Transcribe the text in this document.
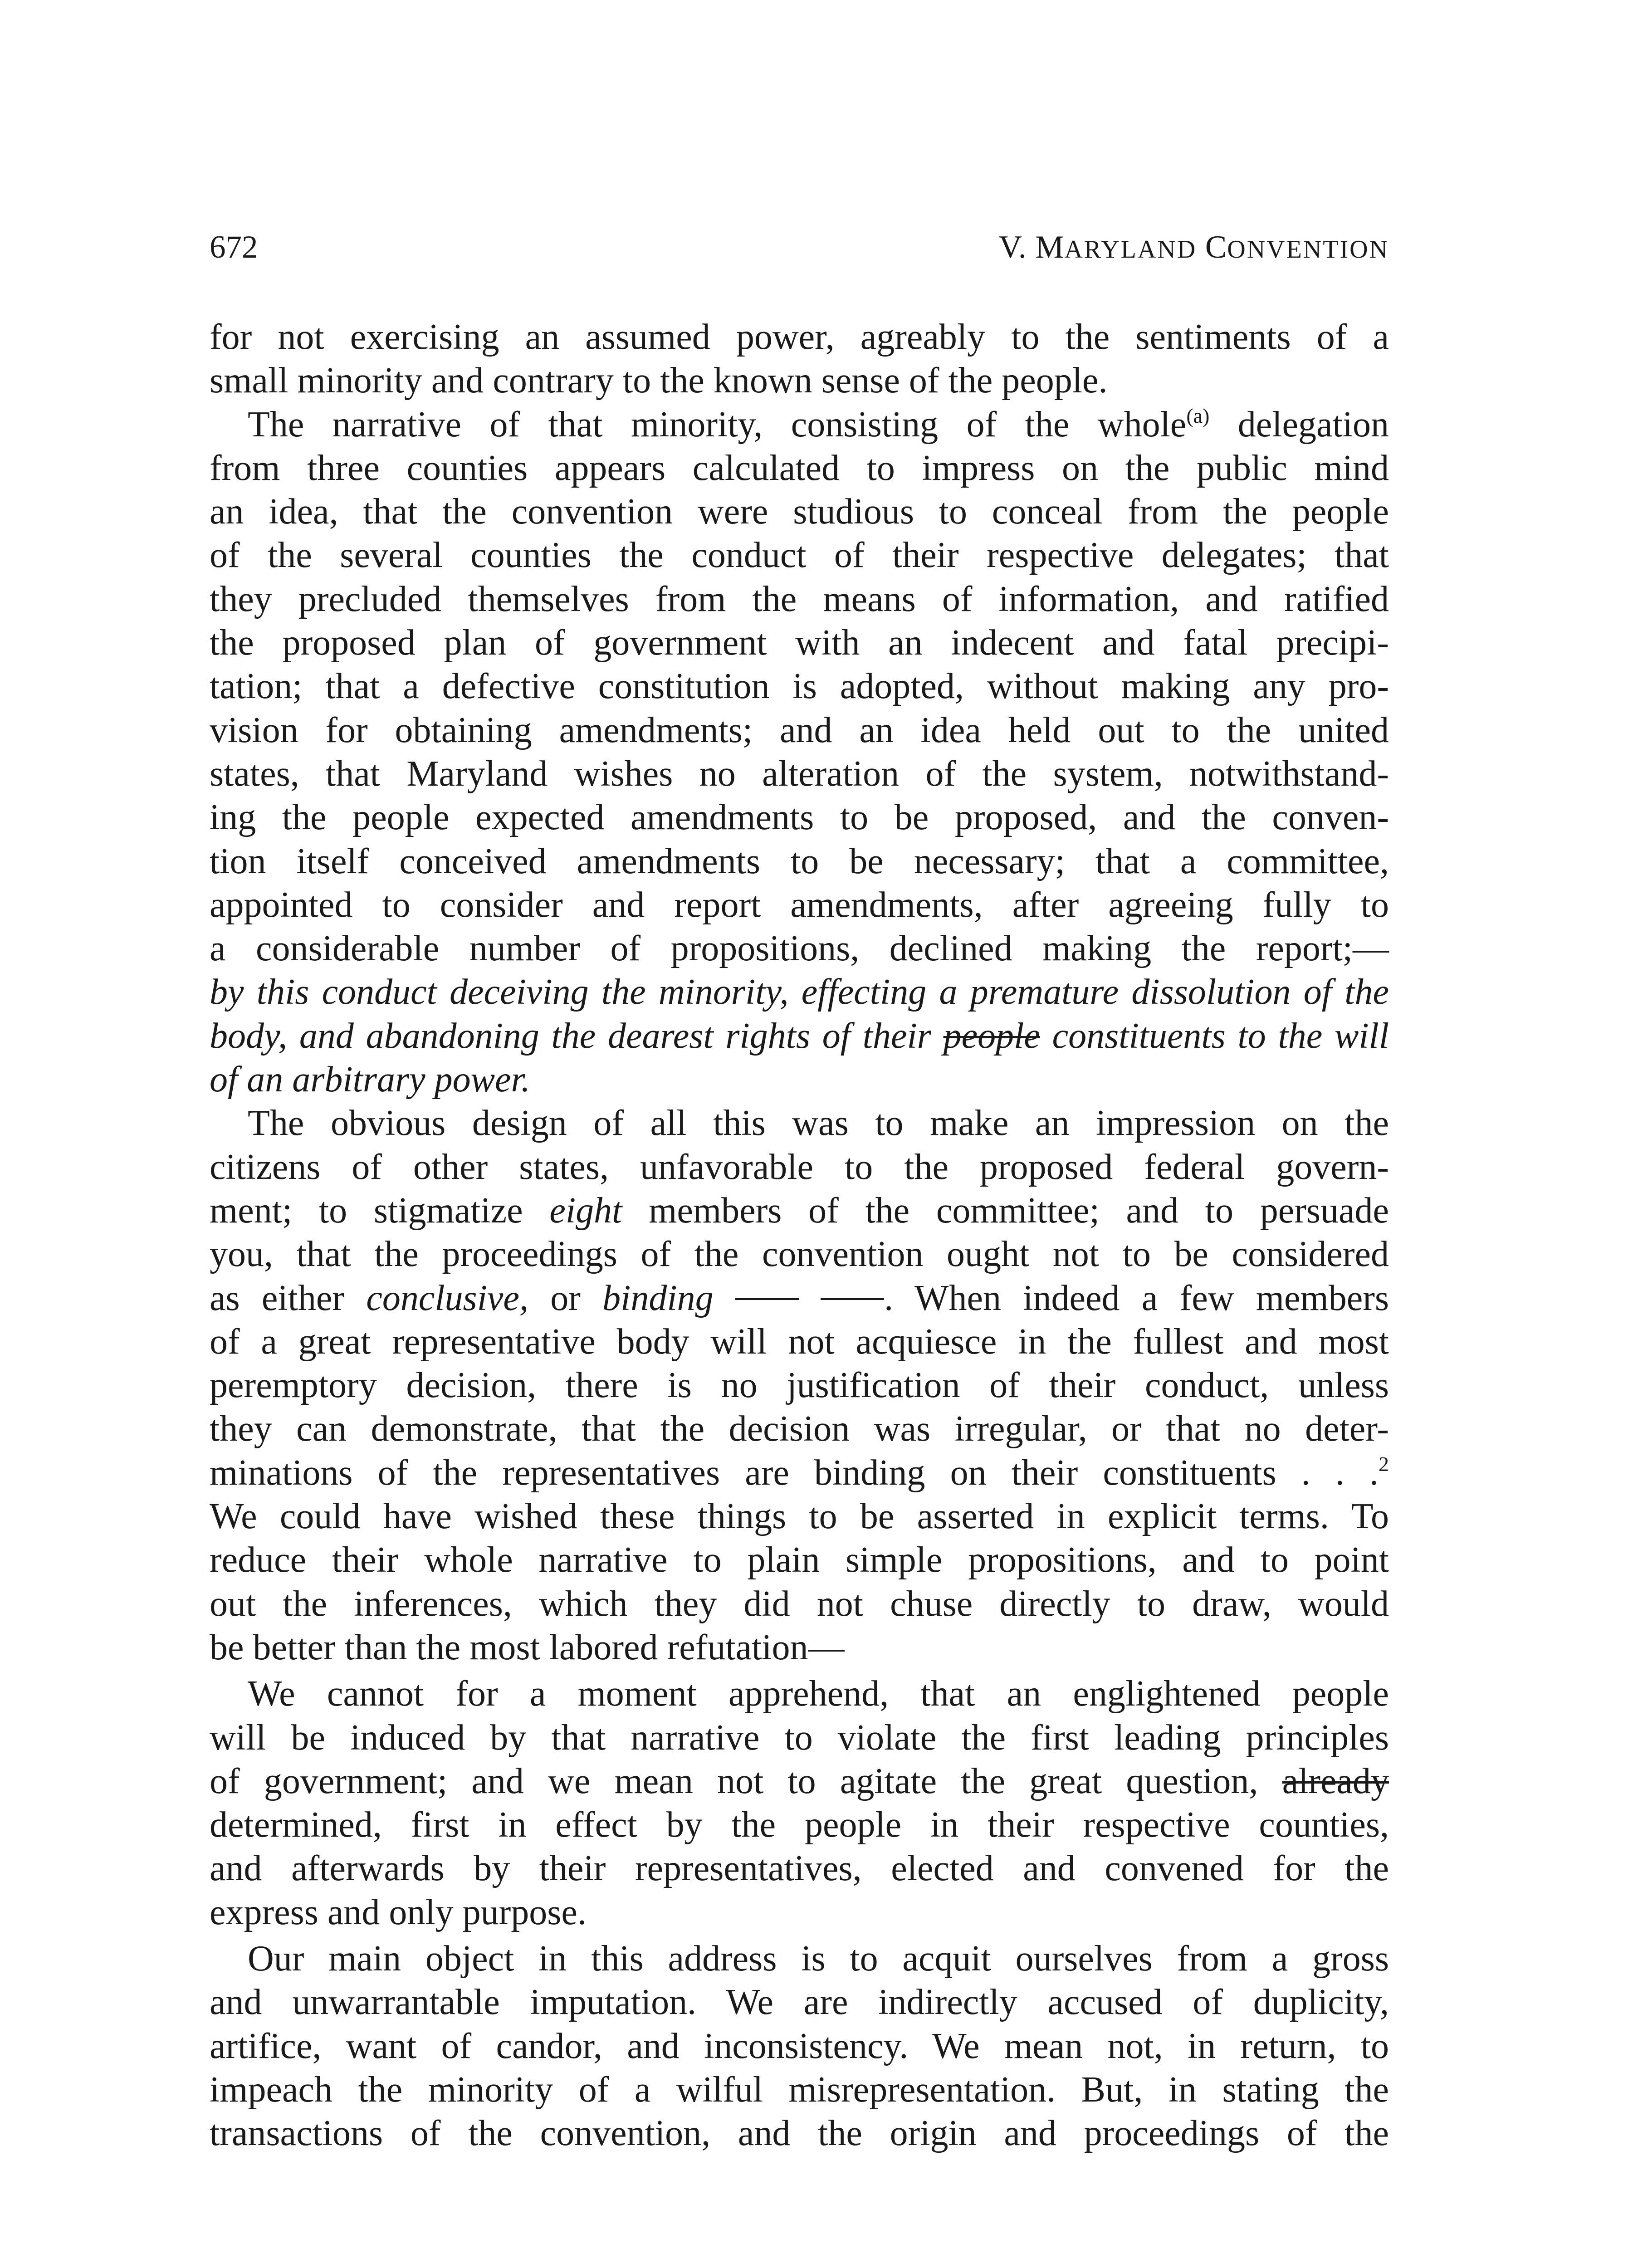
672	V. MARYLAND CONVENTION
for not exercising an assumed power, agreably to the sentiments of a
small minority and contrary to the known sense of the people.
The narrative of that minority, consisting of the whole$^{(a)}$ delegation
from three counties appears calculated to impress on the public mind
an idea, that the convention were studious to conceal from the people
of the several counties the conduct of their respective delegates; that
they precluded themselves from the means of information, and ratified
the proposed plan of government with an indecent and fatal precipi-
tation; that a defective constitution is adopted, without making any pro-
vision for obtaining amendments; and an idea held out to the united
states, that Maryland wishes no alteration of the system, notwithstand-
ing the people expected amendments to be proposed, and the conven-
tion itself conceived amendments to be necessary; that a committee,
appointed to consider and report amendments, after agreeing fully to
a considerable number of propositions, declined making the report;—
by this conduct deceiving the minority, effecting a premature dissolution of the
body, and abandoning the dearest rights of their people constituents to the will
of an arbitrary power.
The obvious design of all this was to make an impression on the
citizens of other states, unfavorable to the proposed federal govern-
ment; to stigmatize eight members of the committee; and to persuade
you, that the proceedings of the convention ought not to be considered
as either conclusive, or binding	. When indeed a few members
of a great representative body will not acquiesce in the fullest and most
peremptory decision, there is no justification of their conduct, unless
they can demonstrate, that the decision was irregular, or that no deter-
minations of the representatives are binding on their constituents . . .$^2$
We could have wished these things to be asserted in explicit terms. To
reduce their whole narrative to plain simple propositions, and to point
out the inferences, which they did not chuse directly to draw, would
be better than the most labored refutation—
We cannot for a moment apprehend, that an englightened people
will be induced by that narrative to violate the first leading principles
of government; and we mean not to agitate the great question, already
determined, first in effect by the people in their respective counties,
and afterwards by their representatives, elected and convened for the
express and only purpose.
Our main object in this address is to acquit ourselves from a gross
and unwarrantable imputation. We are indirectly accused of duplicity,
artifice, want of candor, and inconsistency. We mean not, in return, to
impeach the minority of a wilful misrepresentation. But, in stating the
transactions of the convention, and the origin and proceedings of the
